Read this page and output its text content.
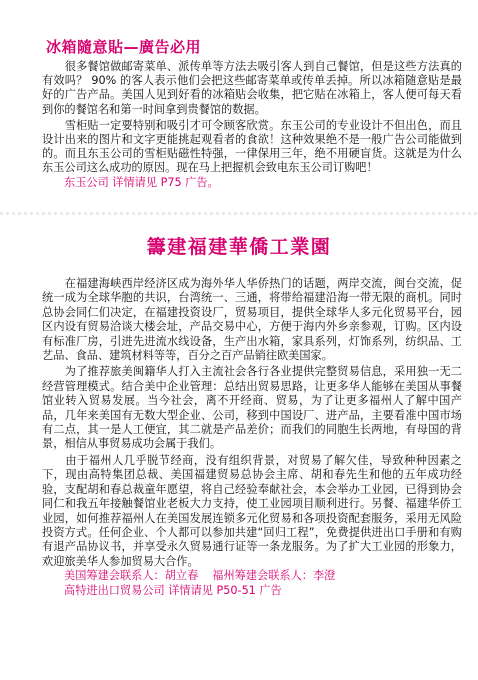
冰箱隨意貼—廣告必用

　　很多餐馆做邮寄菜单、派传单等方法去吸引客人到自己餐馆，但是这些方法真的有效吗？ 90% 的客人表示他们会把这些邮寄菜单或传单丢掉。所以冰箱随意贴是最好的广告产品。美国人见到好看的冰箱贴会收集，把它贴在冰箱上，客人便可每天看到你的餐馆名和第一时间拿到贵餐馆的数据。

　　雪柜贴一定要特别和吸引才可令顾客欣赏。东玉公司的专业设计不但出色，而且设计出来的图片和文字更能挑起观看者的食欲！这种效果绝不是一般广告公司能做到的。而且东玉公司的雪柜贴磁性特强，一律保用三年，绝不用硬盲货。这就是为什么东玉公司这么成功的原因。现在马上把握机会致电东玉公司订购吧！

东玉公司 详情请见 P75 广告。

籌建福建華僑工業園

　　在福建海峡西岸经济区成为海外华人华侨热门的话题，两岸交流，闽台交流，促统一成为全球华胞的共识，台湾统一、三通，将带给福建沿海一带无限的商机。同时总协会同仁们决定，在福建投资设厂，贸易项目，提供全球华人多元化贸易平台，园区内设有贸易洽谈大楼会址，产品交易中心，方便于海内外乡亲参观，订购。区内设有标准厂房，引进先进流水线设备，生产出水箱，家具系列，灯饰系列，纺织品、工艺品、食品、建筑材料等等，百分之百产品销往欧美国家。

　　为了推荐旅美闽籍华人打入主流社会各行各业提供完整贸易信息，采用独一无二经营管理模式。结合美中企业管理：总结出贸易思路，让更多华人能够在美国从事餐馆业转入贸易发展。当今社会，离不开经商、贸易，为了让更多福州人了解中国产品，几年来美国有无数大型企业、公司，移到中国设厂、进产品，主要看准中国市场有二点，其一是人工便宜，其二就是产品差价；而我们的同胞生长两地，有母国的背景，相信从事贸易成功会属于我们。

　　由于福州人几乎脱节经商，没有组织背景，对贸易了解欠佳，导致种种因素之下，现由高特集团总裁、美国福建贸易总协会主席、胡和春先生和他的五年成功经验，支配胡和春总裁童年愿望，将自己经验奉献社会，本会举办工业园，已得到协会同仁和我五年接触餐馆业老板大力支持，使工业园项目顺利进行。另餐、福建华侨工业园，如何推荐福州人在美国发展连锁多元化贸易和各项投资配套服务，采用无风险投资方式。任何企业、个人都可以参加共建“回归工程”，免费提供进出口手册和有购有退产品协议书，并享受永久贸易通行证等一条龙服务。为了扩大工业园的形象力，欢迎旅美华人参加贸易大合作。

美国筹建会联系人：胡立春 福州筹建会联系人：李澄

高特进出口贸易公司 详情请见 P50-51 广告
